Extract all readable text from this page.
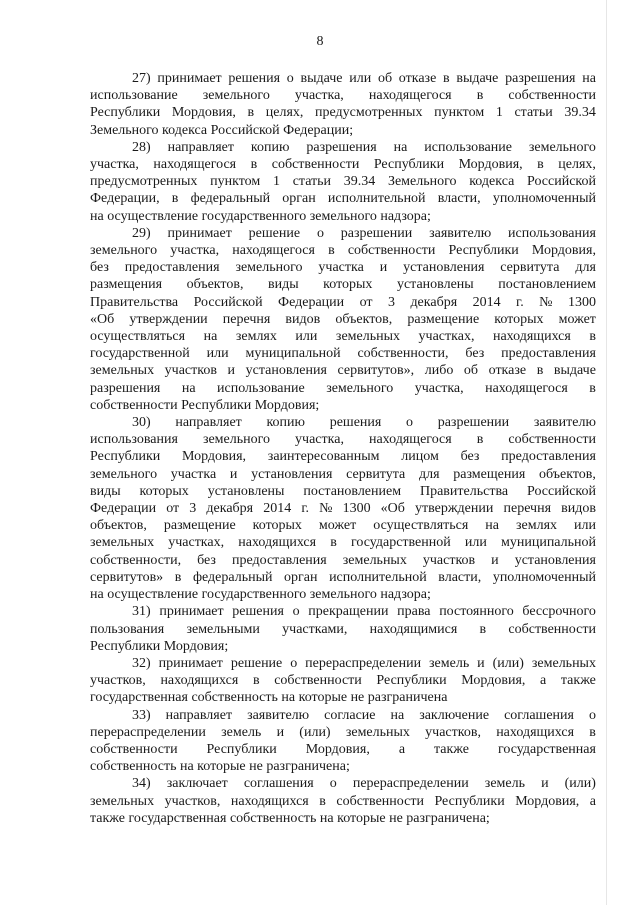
8
27) принимает решения о выдаче или об отказе в выдаче разрешения на
использование земельного участка, находящегося в собственности
Республики Мордовия, в целях, предусмотренных пунктом 1 статьи 39.34
Земельного кодекса Российской Федерации;
28) направляет копию разрешения на использование земельного
участка, находящегося в собственности Республики Мордовия, в целях,
предусмотренных пунктом 1 статьи 39.34 Земельного кодекса Российской
Федерации, в федеральный орган исполнительной власти, уполномоченный
на осуществление государственного земельного надзора;
29) принимает решение о разрешении заявителю использования
земельного участка, находящегося в собственности Республики Мордовия,
без предоставления земельного участка и установления сервитута для
размещения объектов, виды которых установлены постановлением
Правительства Российской Федерации от 3 декабря 2014 г. № 1300
«Об утверждении перечня видов объектов, размещение которых может
осуществляться на землях или земельных участках, находящихся в
государственной или муниципальной собственности, без предоставления
земельных участков и установления сервитутов», либо об отказе в выдаче
разрешения на использование земельного участка, находящегося в
собственности Республики Мордовия;
30) направляет копию решения о разрешении заявителю
использования земельного участка, находящегося в собственности
Республики Мордовия, заинтересованным лицом без предоставления
земельного участка и установления сервитута для размещения объектов,
виды которых установлены постановлением Правительства Российской
Федерации от 3 декабря 2014 г. № 1300 «Об утверждении перечня видов
объектов, размещение которых может осуществляться на землях или
земельных участках, находящихся в государственной или муниципальной
собственности, без предоставления земельных участков и установления
сервитутов» в федеральный орган исполнительной власти, уполномоченный
на осуществление государственного земельного надзора;
31) принимает решения о прекращении права постоянного бессрочного
пользования земельными участками, находящимися в собственности
Республики Мордовия;
32) принимает решение о перераспределении земель и (или) земельных
участков, находящихся в собственности Республики Мордовия, а также
государственная собственность на которые не разграничена
33) направляет заявителю согласие на заключение соглашения о
перераспределении земель и (или) земельных участков, находящихся в
собственности Республики Мордовия, а также государственная
собственность на которые не разграничена;
34) заключает соглашения о перераспределении земель и (или)
земельных участков, находящихся в собственности Республики Мордовия, а
также государственная собственность на которые не разграничена;
